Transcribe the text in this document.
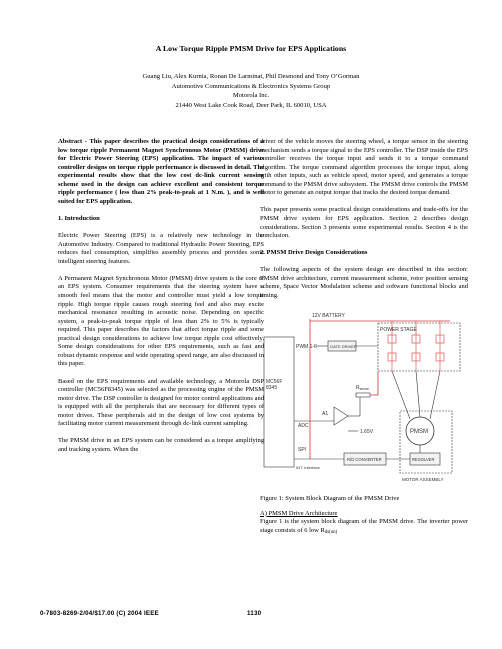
A Low Torque Ripple PMSM Drive for EPS Applications
Guang Liu, Alex Kurnia, Ronan De Larminat, Phil Desmond and Tony O’Gorman
Automotive Communications & Electronics Systems Group
Motorola Inc.
21440 West Lake Cook Road, Deer Park, IL 60010, USA

Abstract - This paper describes the practical design considerations of a low torque ripple Permanent Magnet Synchronous Motor (PMSM) drive for Electric Power Steering (EPS) application. The impact of various controller designs on torque ripple performance is discussed in detail. The experimental results show that the low cost dc-link current sensing scheme used in the design can achieve excellent and consistent torque ripple performance ( less than 2% peak-to-peak at 1 N.m. ), and is well suited for EPS application.

1. Introduction

Electric Power Steering (EPS) is a relatively new technology in the Automotive Industry. Compared to traditional Hydraulic Power Steering, EPS reduces fuel consumption, simplifies assembly process and provides some intelligent steering features.

A Permanent Magnet Synchronous Motor (PMSM) drive system is the core of an EPS system. Consumer requirements that the steering system have a smooth feel means that the motor and controller must yield a low torque ripple. High torque ripple causes rough steering feel and also may excite mechanical resonance resulting in acoustic noise. Depending on specific system, a peak-to-peak torque ripple of less than 2% to 5% is typically required. This paper describes the factors that affect torque ripple and some practical design considerations to achieve low torque ripple cost effectively. Some design considerations for other EPS requirements, such as fast and robust dynamic response and wide operating speed range, are also discussed in this paper.

Based on the EPS requirements and available technology, a Motorola DSP controller (MC56F8345) was selected as the processing engine of the PMSM motor drive. The DSP controller is designed for motor control applications and is equipped with all the peripherals that are necessary for different types of motor drives. These peripherals aid in the design of low cost systems by facilitating motor current measurement through dc-link current sampling.

The PMSM drive in an EPS system can be considered as a torque amplifying and tracking system. When the

driver of the vehicle moves the steering wheel, a torque sensor in the steering mechanism sends a torque signal to the EPS controller. The DSP inside the EPS controller receives the torque input and sends it to a torque command algorithm. The torque command algorithm processes the torque input, along with other inputs, such as vehicle speed, motor speed, and generates a torque command to the PMSM drive subsystem. The PMSM drive controls the PMSM motor to generate an output torque that tracks the desired torque demand.

This paper presents some practical design considerations and trade-offs for the PMSM drive system for EPS application. Section 2 describes design considerations. Section 3 presents some experimental results. Section 4 is the conclusion.

2. PMSM Drive Design Considerations

The following aspects of the system design are described in this section: PMSM drive architecture, current measurement scheme, rotor position sensing scheme, Space Vector Modulation scheme and software functional blocks and timing.

12V BATTERY
POWER STAGE
PWM 1-6	GATE DRIVER
MC56F
8345	$R_{sense}$
A1
ADC
1.65V	PMSM
SPI
INT. Interface
R/D CONVERTER	RESOLVER
MOTOR ASSEMBLY
Figure 1: System Block Diagram of the PMSM Drive
A) PMSM Drive Architecture

Figure 1 is the system block diagram of the PMSM drive. The inverter power stage consists of 6 low $R_{ds(on)}$

0-7803-8269-2/04/$17.00 (C) 2004 IEEE	1130
